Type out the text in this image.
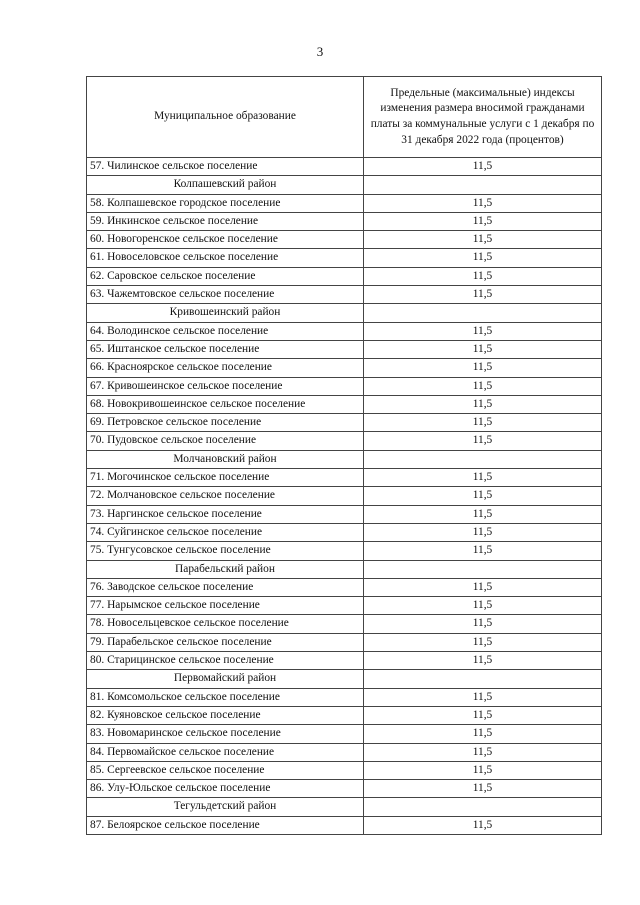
3
Муниципальное образование	Предельные (максимальные) индексы изменения размера вносимой гражданами платы за коммунальные услуги с 1 декабря по 31 декабря 2022 года (процентов)
57. Чилинское сельское поселение	11,5
Колпашевский район	
58. Колпашевское городское поселение	11,5
59. Инкинское сельское поселение	11,5
60. Новогоренское сельское поселение	11,5
61. Новоселовское сельское поселение	11,5
62. Саровское сельское поселение	11,5
63. Чажемтовское сельское поселение	11,5
Кривошеинский район	
64. Володинское сельское поселение	11,5
65. Иштанское сельское поселение	11,5
66. Красноярское сельское поселение	11,5
67. Кривошеинское сельское поселение	11,5
68. Новокривошеинское сельское поселение	11,5
69. Петровское сельское поселение	11,5
70. Пудовское сельское поселение	11,5
Молчановский район	
71. Могочинское сельское поселение	11,5
72. Молчановское сельское поселение	11,5
73. Наргинское сельское поселение	11,5
74. Суйгинское сельское поселение	11,5
75. Тунгусовское сельское поселение	11,5
Парабельский район	
76. Заводское сельское поселение	11,5
77. Нарымское сельское поселение	11,5
78. Новосельцевское сельское поселение	11,5
79. Парабельское сельское поселение	11,5
80. Старицинское сельское поселение	11,5
Первомайский район	
81. Комсомольское сельское поселение	11,5
82. Куяновское сельское поселение	11,5
83. Новомаринское сельское поселение	11,5
84. Первомайское сельское поселение	11,5
85. Сергеевское сельское поселение	11,5
86. Улу-Юльское сельское поселение	11,5
Тегульдетский район	
87. Белоярское сельское поселение	11,5
